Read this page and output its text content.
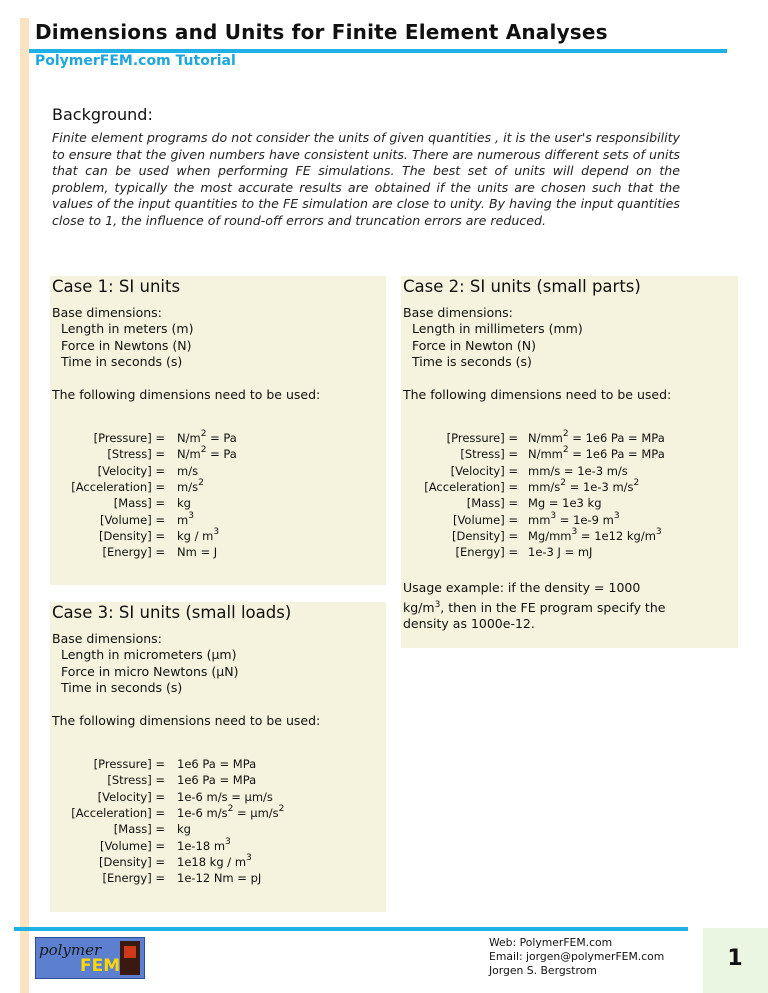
Dimensions and Units for Finite Element Analyses
PolymerFEM.com Tutorial
Background:
Finite element programs do not consider the units of given quantities , it is the user's responsibility to ensure that the given numbers have consistent units. There are numerous different sets of units that can be used when performing FE simulations. The best set of units will depend on the problem, typically the most accurate results are obtained if the units are chosen such that the values of the input quantities to the FE simulation are close to unity. By having the input quantities close to 1, the influence of round-off errors and truncation errors are reduced.
Case 1: SI units
Base dimensions:
Length in meters (m)
Force in Newtons (N)
Time in seconds (s)
The following dimensions need to be used:
[Pressure] = $N/m^2 = Pa$
[Stress] = $N/m^2 = Pa$
[Velocity] = m/s
[Acceleration] = $m/s^2$
[Mass] = kg
[Volume] = $m^3$
[Density] = kg / $m^3$
[Energy] = Nm = J
Case 2: SI units (small parts)
Base dimensions:
Length in millimeters (mm)
Force in Newton (N)
Time is seconds (s)
The following dimensions need to be used:
Usage example: if the density = 1000
$kg/m^3$, then in the FE program specify the
density as 1000e-12.
[Pressure] = $N/mm^2 = 1e6$ Pa = MPa
[Stress] = $N/mm^2 = 1e6$ Pa = MPa
[Velocity] = mm/s = 1e-3 m/s
[Acceleration] = $mm/s^2 = 1e-3$ $m/s^2$
[Mass] = Mg = 1e3 kg
[Volume] = $mm^3 = 1e-9$ $m^3$
[Density] = $Mg/mm^3 = 1e12$ $kg/m^3$
[Energy] = 1e-3 J = mJ
Case 3: SI units (small loads)
Base dimensions:
Length in micrometers (μm)
Force in micro Newtons (μN)
Time in seconds (s)
The following dimensions need to be used:
[Pressure] = 1e6 Pa = MPa
[Stress] = 1e6 Pa = MPa
[Velocity] = 1e-6 m/s = μm/s
[Acceleration] = 1e-6 $m/s^2 = \mu m/s^2$
[Mass] = kg
[Volume] = 1e-18 $m^3$
[Density] = 1e18 kg / $m^3$
[Energy] = 1e-12 Nm = pJ
polymer
FEM
Web: PolymerFEM.com
Email: jorgen@polymerFEM.com
Jorgen S. Bergstrom	1
